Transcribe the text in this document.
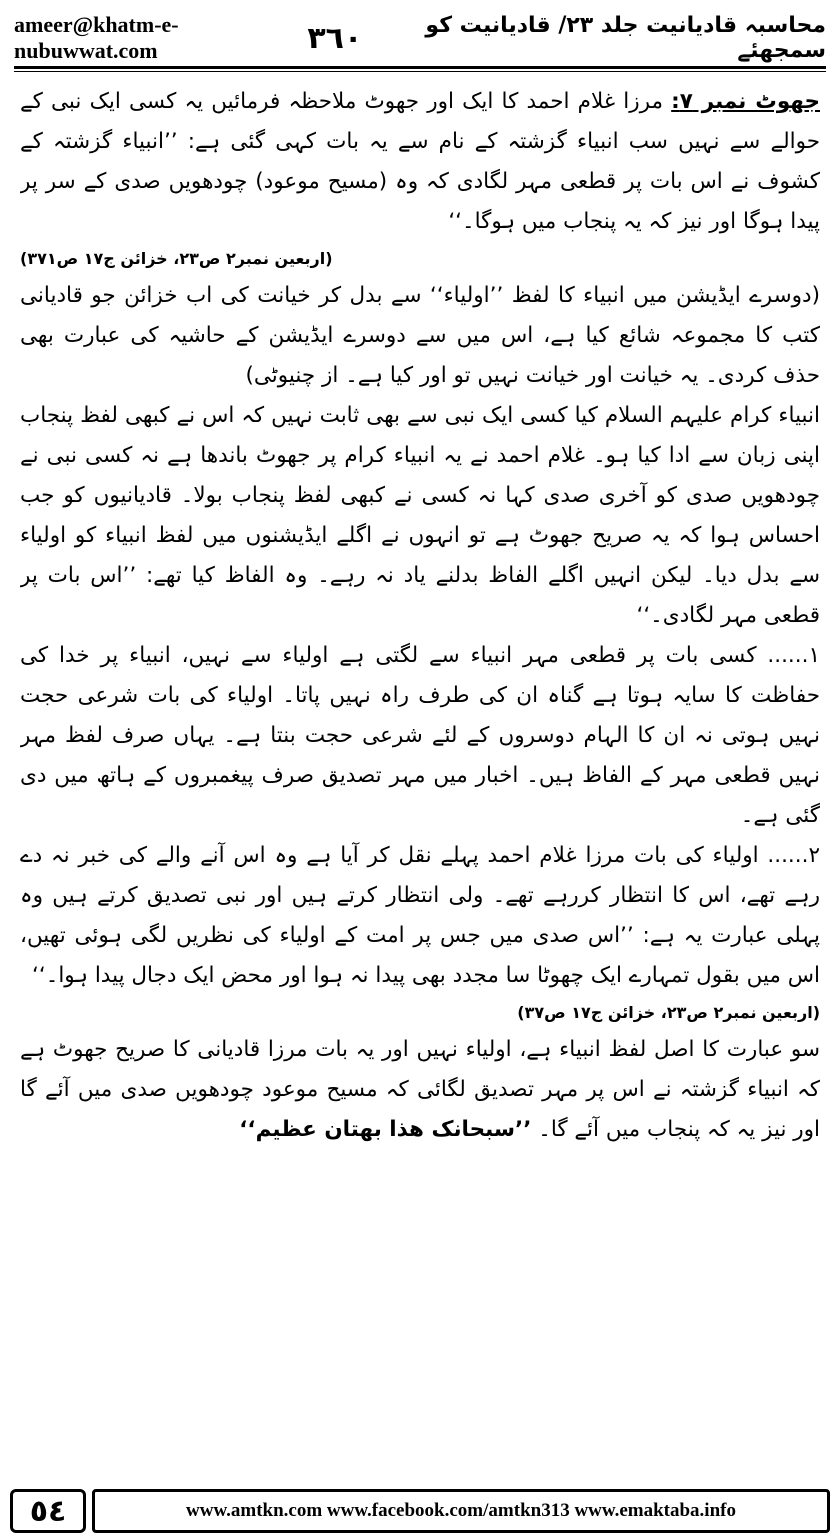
ameer@khatm-e-nubuwwat.com	٣٦٠	محاسبہ قادیانیت جلد ٢٣/ قادیانیت کو سمجھئے

جھوٹ نمبر ۷: مرزا غلام احمد کا ایک اور جھوٹ ملاحظہ فرمائیں یہ کسی ایک نبی کے حوالے سے نہیں سب انبیاء گزشتہ کے نام سے یہ بات کہی گئی ہے: ’’انبیاء گزشتہ کے کشوف نے اس بات پر قطعی مہر لگادی کہ وہ (مسیح موعود) چودھویں صدی کے سر پر پیدا ہوگا اور نیز کہ یہ پنجاب میں ہوگا۔‘‘

(اربعین نمبر۲ ص۲۳، خزائن ج۱۷ ص۳۷۱)

(دوسرے ایڈیشن میں انبیاء کا لفظ ’’اولیاء‘‘ سے بدل کر خیانت کی اب خزائن جو قادیانی کتب کا مجموعہ شائع کیا ہے، اس میں سے دوسرے ایڈیشن کے حاشیہ کی عبارت بھی حذف کردی۔ یہ خیانت اور خیانت نہیں تو اور کیا ہے۔ از چنیوٹی)

انبیاء کرام علیہم السلام کیا کسی ایک نبی سے بھی ثابت نہیں کہ اس نے کبھی لفظ پنجاب اپنی زبان سے ادا کیا ہو۔ غلام احمد نے یہ انبیاء کرام پر جھوٹ باندھا ہے نہ کسی نبی نے چودھویں صدی کو آخری صدی کہا نہ کسی نے کبھی لفظ پنجاب بولا۔ قادیانیوں کو جب احساس ہوا کہ یہ صریح جھوٹ ہے تو انہوں نے اگلے ایڈیشنوں میں لفظ انبیاء کو اولیاء سے بدل دیا۔ لیکن انہیں اگلے الفاظ بدلنے یاد نہ رہے۔ وہ الفاظ کیا تھے: ’’اس بات پر قطعی مہر لگادی۔‘‘

۱...... کسی بات پر قطعی مہر انبیاء سے لگتی ہے اولیاء سے نہیں، انبیاء پر خدا کی حفاظت کا سایہ ہوتا ہے گناہ ان کی طرف راہ نہیں پاتا۔ اولیاء کی بات شرعی حجت نہیں ہوتی نہ ان کا الہام دوسروں کے لئے شرعی حجت بنتا ہے۔ یہاں صرف لفظ مہر نہیں قطعی مہر کے الفاظ ہیں۔ اخبار میں مہر تصدیق صرف پیغمبروں کے ہاتھ میں دی گئی ہے۔

۲...... اولیاء کی بات مرزا غلام احمد پہلے نقل کر آیا ہے وہ اس آنے والے کی خبر نہ دے رہے تھے، اس کا انتظار کررہے تھے۔ ولی انتظار کرتے ہیں اور نبی تصدیق کرتے ہیں وہ پہلی عبارت یہ ہے: ’’اس صدی میں جس پر امت کے اولیاء کی نظریں لگی ہوئی تھیں، اس میں بقول تمہارے ایک چھوٹا سا مجدد بھی پیدا نہ ہوا اور محض ایک دجال پیدا ہوا۔‘‘

(اربعین نمبر۲ ص۲۳، خزائن ج۱۷ ص۳۷)

سو عبارت کا اصل لفظ انبیاء ہے، اولیاء نہیں اور یہ بات مرزا قادیانی کا صریح جھوٹ ہے کہ انبیاء گزشتہ نے اس پر مہر تصدیق لگائی کہ مسیح موعود چودھویں صدی میں آئے گا اور نیز یہ کہ پنجاب میں آئے گا۔ ’’سبحانک ھذا بھتان عظیم‘‘

٥٤	www.amtkn.com www.facebook.com/amtkn313 www.emaktaba.info
